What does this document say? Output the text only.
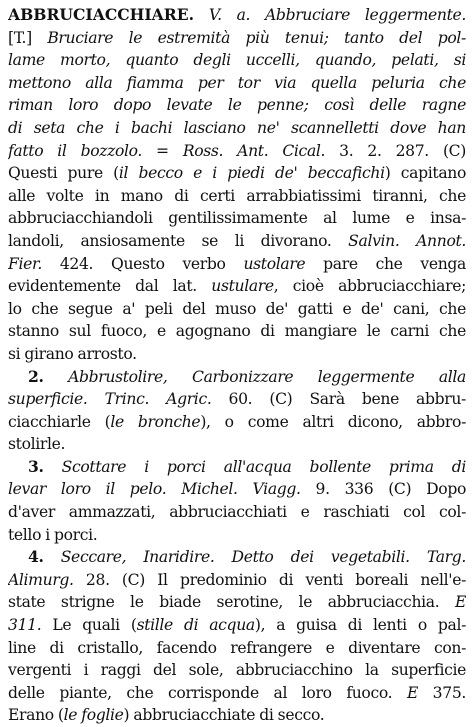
ABBRUCIACCHIARE. V. a. Abbruciare leggermente.
[T.] Bruciare le estremità più tenui; tanto del pol-
lame morto, quanto degli uccelli, quando, pelati, si
mettono alla fiamma per tor via quella peluria che
riman loro dopo levate le penne; così delle ragne
di seta che i bachi lasciano ne' scannelletti dove han
fatto il bozzolo. = Ross. Ant. Cical. 3. 2. 287. (C)
Questi pure (il becco e i piedi de' beccafichi) capitano
alle volte in mano di certi arrabbiatissimi tiranni, che
abbruciacchiandoli gentilissimamente al lume e insa-
landoli, ansiosamente se li divorano. Salvin. Annot.
Fier. 424. Questo verbo ustolare pare che venga
evidentemente dal lat. ustulare, cioè abbruciacchiare;
lo che segue a' peli del muso de' gatti e de' cani, che
stanno sul fuoco, e agognano di mangiare le carni che
si girano arrosto.
2. Abbrustolire, Carbonizzare leggermente alla
superficie. Trinc. Agric. 60. (C) Sarà bene abbru-
ciacchiarle (le bronche), o come altri dicono, abbro-
stolirle.
3. Scottare i porci all'acqua bollente prima di
levar loro il pelo. Michel. Viagg. 9. 336 (C) Dopo
d'aver ammazzati, abbruciacchiati e raschiati col col-
tello i porci.
4. Seccare, Inaridire. Detto dei vegetabili. Targ.
Alimurg. 28. (C) Il predominio di venti boreali nell'e-
state strigne le biade serotine, le abbruciacchia. E
311. Le quali (stille di acqua), a guisa di lenti o pal-
line di cristallo, facendo refrangere e diventare con-
vergenti i raggi del sole, abbruciacchino la superficie
delle piante, che corrisponde al loro fuoco. E 375.
Erano (le foglie) abbruciacchiate di secco.
